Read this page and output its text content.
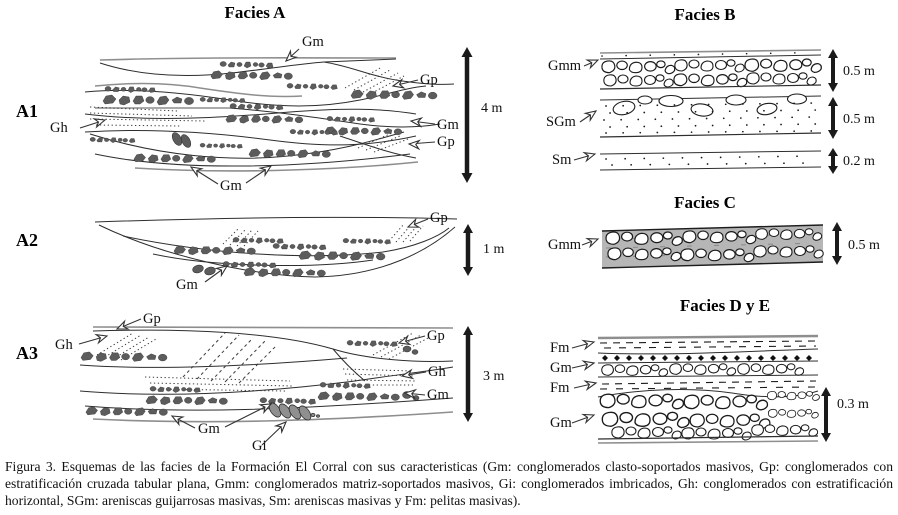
Facies A	Facies B
Facies C
Facies D y E
A1
A2
A3
Gm
Gp
Gh	Gm
Gp
Gm
4 m
Gp
Gm
1 m
Gp
Gh
Gp
Gh
Gm
Gm
Gi
3 m
Gmm
SGm
Sm
0.5 m
0.5 m
0.2 m
Gmm	0.5 m
Fm
Gm
Fm
Gm
0.3 m
Figura 3. Esquemas de las facies de la Formación El Corral con sus caracteristicas (Gm: conglomerados clasto-soportados masivos, Gp: conglomerados con estratificación cruzada tabular plana, Gmm: conglomerados matriz-soportados masivos, Gi: conglomerados imbricados, Gh: conglomerados con estratificación horizontal, SGm: areniscas guijarrosas masivas, Sm: areniscas masivas y Fm: pelitas masivas).
